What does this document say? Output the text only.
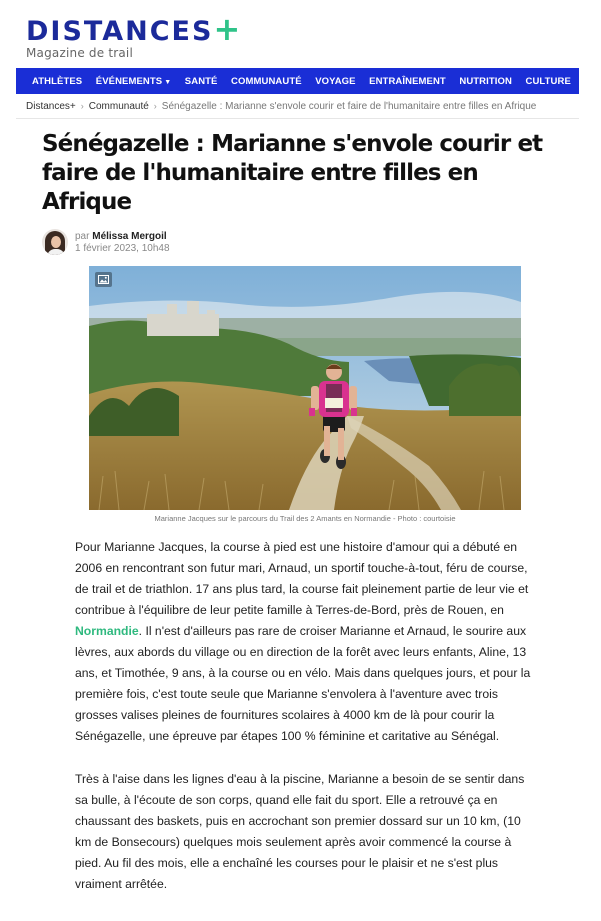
DISTANCES+
Magazine de trail
ATHLÈTES ÉVÉNEMENTS ▼ SANTÉ COMMUNAUTÉ VOYAGE ENTRAÎNEMENT NUTRITION CULTURE
Distances+ › Communauté › Sénégazelle : Marianne s'envole courir et faire de l'humanitaire entre filles en Afrique
Sénégazelle : Marianne s'envole courir et faire de l'humanitaire entre filles en Afrique
par Mélissa Mergoil
1 février 2023, 10h48
Marianne Jacques sur le parcours du Trail des 2 Amants en Normandie - Photo : courtoisie

Pour Marianne Jacques, la course à pied est une histoire d'amour qui a débuté en 2006 en rencontrant son futur mari, Arnaud, un sportif touche-à-tout, féru de course, de trail et de triathlon. 17 ans plus tard, la course fait pleinement partie de leur vie et contribue à l'équilibre de leur petite famille à Terres-de-Bord, près de Rouen, en Normandie. Il n'est d'ailleurs pas rare de croiser Marianne et Arnaud, le sourire aux lèvres, aux abords du village ou en direction de la forêt avec leurs enfants, Aline, 13 ans, et Timothée, 9 ans, à la course ou en vélo. Mais dans quelques jours, et pour la première fois, c'est toute seule que Marianne s'envolera à l'aventure avec trois grosses valises pleines de fournitures scolaires à 4000 km de là pour courir la Sénégazelle, une épreuve par étapes 100 % féminine et caritative au Sénégal.

Très à l'aise dans les lignes d'eau à la piscine, Marianne a besoin de se sentir dans sa bulle, à l'écoute de son corps, quand elle fait du sport. Elle a retrouvé ça en chaussant des baskets, puis en accrochant son premier dossard sur un 10 km, (10 km de Bonsecours) quelques mois seulement après avoir commencé la course à pied. Au fil des mois, elle a enchaîné les courses pour le plaisir et ne s'est plus vraiment arrêtée.
